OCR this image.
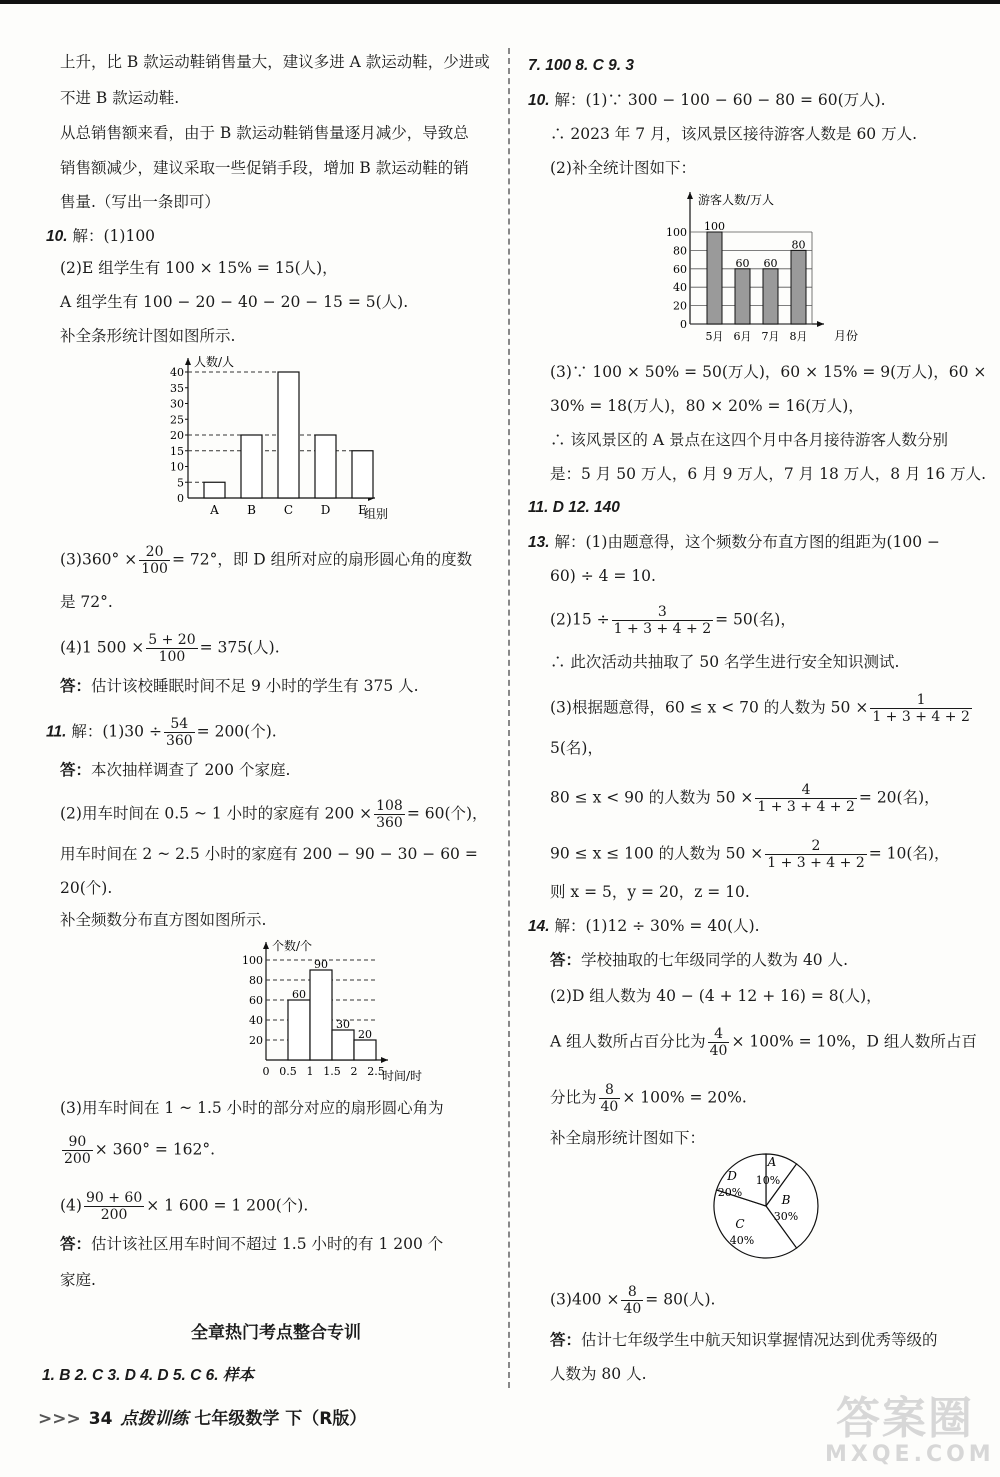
上升，比 B 款运动鞋销售量大，建议多进 A 款运动鞋，少进或
不进 B 款运动鞋.
从总销售额来看，由于 B 款运动鞋销售量逐月减少，导致总
销售额减少，建议采取一些促销手段，增加 B 款运动鞋的销
售量.（写出一条即可）
10. 解：(1)100
(2)E 组学生有 100 × 15% = 15(人)，
A 组学生有 100 − 20 − 40 − 20 − 15 = 5(人).
补全条形统计图如图所示.
人数/人
组别
0
5
10
15
20
25
30
35
40
A B C D E
$(3)360^\circ \times \frac{20}{100} = 72^\circ$，即 D 组所对应的扇形圆心角的度数
是 72°.
(4)1 $500 \times \frac{5 + 20}{100} = 375$(人).
答：估计该校睡眠时间不足 9 小时的学生有 375 人.
11. 解：$(1)30 \div \frac{54}{360} = 200$(个).
答：本次抽样调查了 200 个家庭.
(2)用车时间在 0.5 ~ 1 小时的家庭有 $200 \times \frac{108}{360} = 60$(个)，
用车时间在 2 ~ 2.5 小时的家庭有 200 − 90 − 30 − 60 =
20(个).
补全频数分布直方图如图所示.
个数/个
时间/时
20
40
60
80
100
0 0.5 1 1.5 2 2.5
60
90
30
20
(3)用车时间在 1 ~ 1.5 小时的部分对应的扇形圆心角为
$\frac{90}{200} \times 360^\circ = 162^\circ$.
$(4) \frac{90 + 60}{200} \times 1$ 600 = 1 200(个).
答：估计该社区用车时间不超过 1.5 小时的有 1 200 个
家庭.
全章热门考点整合专训
1. B 2. C 3. D 4. D 5. C 6. 样本
7. 100 8. C 9. 3
10. 解：(1)∵ 300 − 100 − 60 − 80 = 60(万人).
∴ 2023 年 7 月，该风景区接待游客人数是 60 万人.
(2)补全统计图如下：
游客人数/万人
月份
0
20
40
60
80
100 100
5月
60
6月
60
7月
80
8月
(3)∵ 100 × 50% = 50(万人)，60 × 15% = 9(万人)，60 ×
30% = 18(万人)，80 × 20% = 16(万人)，
∴ 该风景区的 A 景点在这四个月中各月接待游客人数分别
是：5 月 50 万人，6 月 9 万人，7 月 18 万人，8 月 16 万人.
11. D 12. 140
13. 解：(1)由题意得，这个频数分布直方图的组距为(100 −
60) ÷ 4 = 10.
$(2)15 \div \frac{3}{1 + 3 + 4 + 2} = 50$(名)，
∴ 此次活动共抽取了 50 名学生进行安全知识测试.
(3)根据题意得，60 ≤ x < 70 的人数为 $50 \times \frac{1}{1 + 3 + 4 + 2}$
5(名)，
80 ≤ x < 90 的人数为 $50 \times \frac{4}{1 + 3 + 4 + 2} = 20$(名)，
90 ≤ x ≤ 100 的人数为 $50 \times \frac{2}{1 + 3 + 4 + 2} = 10$(名)，
则 x = 5，y = 20，z = 10.
14. 解：(1)12 ÷ 30% = 40(人).
答：学校抽取的七年级同学的人数为 40 人.
(2)D 组人数为 40 − (4 + 12 + 16) = 8(人)，
A 组人数所占百分比为 $\frac{4}{40} \times 100\% = 10\%$，D 组人数所占百
分比为 $\frac{8}{40} \times 100\% = 20\%$.
补全扇形统计图如下：
A
10%
B
30%
C
40%
D
20%
$(3)400 \times \frac{8}{40} = 80$(人).
答：估计七年级学生中航天知识掌握情况达到优秀等级的
人数为 80 人.
>>> 34 点拨训练 七年级数学 下（R版）	答案圈
MXQE.COM
